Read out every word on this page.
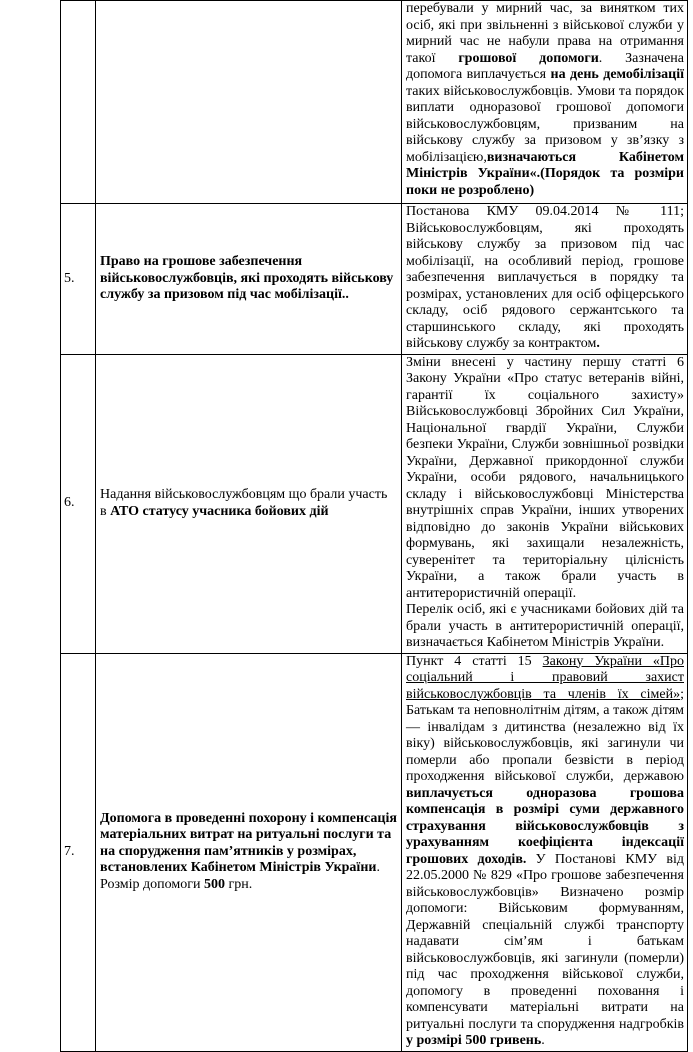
		перебували у мирний час, за винятком тих осіб, які при звільненні з військової служби у мирний час не набули права на отримання такої грошової допомоги. Зазначена допомога виплачується на день демобілізації таких військовослужбовців. Умови та порядок виплати одноразової грошової допомоги військовослужбовцям, призваним на військову службу за призовом у зв’язку з мобілізацією,визначаються Кабінетом Міністрів України«.(Порядок та розміри поки не розроблено)
5.	Право на грошове забезпечення військовослужбовців, які проходять військову службу за призовом під час мобілізації..	Постанова КМУ 09.04.2014 № 111; Військовослужбовцям, які проходять військову службу за призовом під час мобілізації, на особливий період, грошове забезпечення виплачується в порядку та розмірах, установлених для осіб офіцерського складу, осіб рядового сержантського та старшинського складу, які проходять військову службу за контрактом.
6.	Надання військовослужбовцям що брали участь в АТО статусу учасника бойових дій	Зміни внесені у частину першу статті 6 Закону України «Про статус ветеранів війні, гарантії їх соціального захисту» Військовослужбовці Збройних Сил України, Національної гвардії України, Служби безпеки України, Служби зовнішньої розвідки України, Державної прикордонної служби України, особи рядового, начальницького складу і військовослужбовці Міністерства внутрішніх справ України, інших утворених відповідно до законів України військових формувань, які захищали незалежність, суверенітет та територіальну цілісність України, а також брали участь в антитерористичній операції.

Перелік осіб, які є учасниками бойових дій та брали участь в антитерористичній операції, визначається Кабінетом Міністрів України.

7.	Допомога в проведенні похорону і компенсація матеріальних витрат на ритуальні послуги та на спорудження пам’ятників у розмірах, встановлених Кабінетом Міністрів України. Розмір допомоги 500 грн.	Пункт 4 статті 15 Закону України «Про соціальний і правовий захист військовослужбовців та членів їх сімей»; Батькам та неповнолітнім дітям, а також дітям — інвалідам з дитинства (незалежно від їх віку) військовослужбовців, які загинули чи померли або пропали безвісти в період проходження військової служби, державою виплачується одноразова грошова компенсація в розмірі суми державного страхування військовослужбовців з урахуванням коефіцієнта індексації грошових доходів. У Постанові КМУ від 22.05.2000 № 829 «Про грошове забезпечення військовослужбовців» Визначено розмір допомоги: Військовим формуванням, Державній спеціальній службі транспорту надавати сім’ям і батькам військовослужбовців, які загинули (померли) під час проходження військової служби, допомогу в проведенні поховання і компенсувати матеріальні витрати на ритуальні послуги та спорудження надгробків у розмірі 500 гривень.
